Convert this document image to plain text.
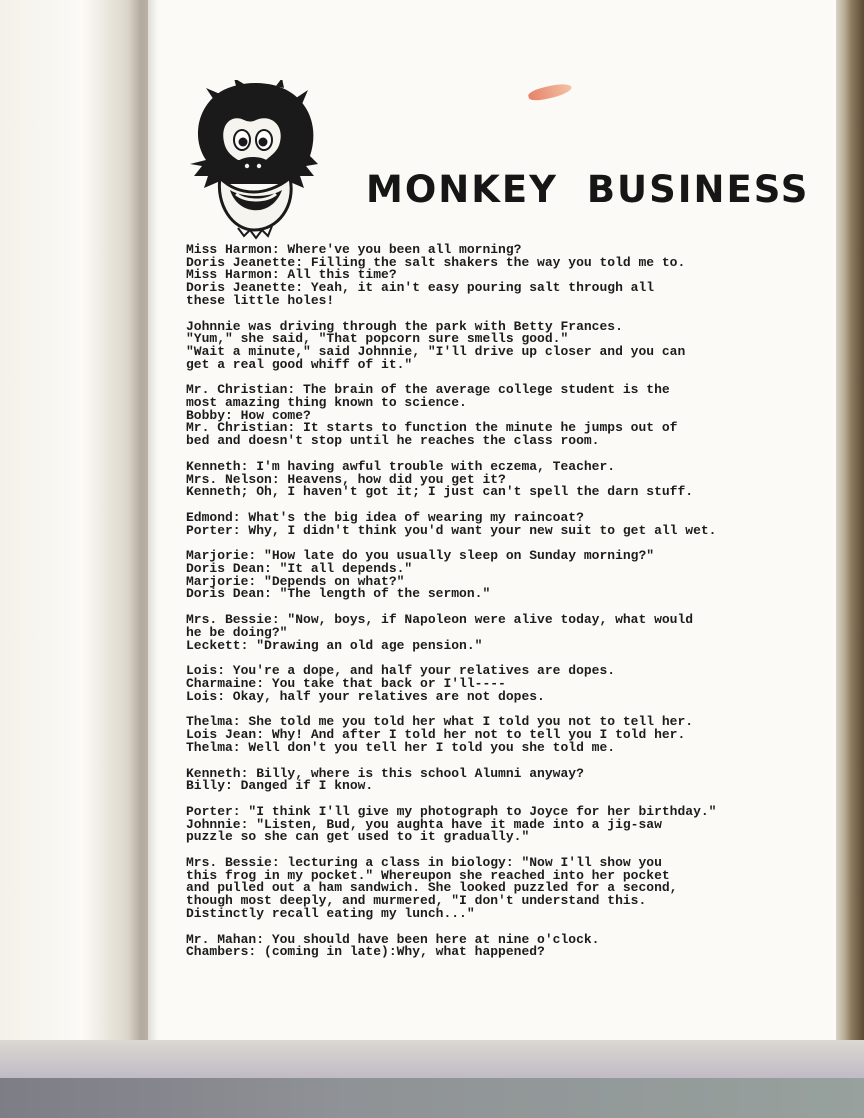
MONKEY BUSINESS
Miss Harmon: Where've you been all morning?
Doris Jeanette: Filling the salt shakers the way you told me to.
Miss Harmon: All this time?
Doris Jeanette: Yeah, it ain't easy pouring salt through all
these little holes!
Johnnie was driving through the park with Betty Frances.
"Yum," she said, "That popcorn sure smells good."
"Wait a minute," said Johnnie, "I'll drive up closer and you can
get a real good whiff of it."
Mr. Christian: The brain of the average college student is the
most amazing thing known to science.
Bobby: How come?
Mr. Christian: It starts to function the minute he jumps out of
bed and doesn't stop until he reaches the class room.
Kenneth: I'm having awful trouble with eczema, Teacher.
Mrs. Nelson: Heavens, how did you get it?
Kenneth; Oh, I haven't got it; I just can't spell the darn stuff.
Edmond: What's the big idea of wearing my raincoat?
Porter: Why, I didn't think you'd want your new suit to get all wet.
Marjorie: "How late do you usually sleep on Sunday morning?"
Doris Dean: "It all depends."
Marjorie: "Depends on what?"
Doris Dean: "The length of the sermon."
Mrs. Bessie: "Now, boys, if Napoleon were alive today, what would
he be doing?"
Leckett: "Drawing an old age pension."
Lois: You're a dope, and half your relatives are dopes.
Charmaine: You take that back or I'll----
Lois: Okay, half your relatives are not dopes.
Thelma: She told me you told her what I told you not to tell her.
Lois Jean: Why! And after I told her not to tell you I told her.
Thelma: Well don't you tell her I told you she told me.
Kenneth: Billy, where is this school Alumni anyway?
Billy: Danged if I know.
Porter: "I think I'll give my photograph to Joyce for her birthday."
Johnnie: "Listen, Bud, you aughta have it made into a jig-saw
puzzle so she can get used to it gradually."
Mrs. Bessie: lecturing a class in biology: "Now I'll show you
this frog in my pocket." Whereupon she reached into her pocket
and pulled out a ham sandwich. She looked puzzled for a second,
though most deeply, and murmered, "I don't understand this.
Distinctly recall eating my lunch..."
Mr. Mahan: You should have been here at nine o'clock.
Chambers: (coming in late):Why, what happened?
